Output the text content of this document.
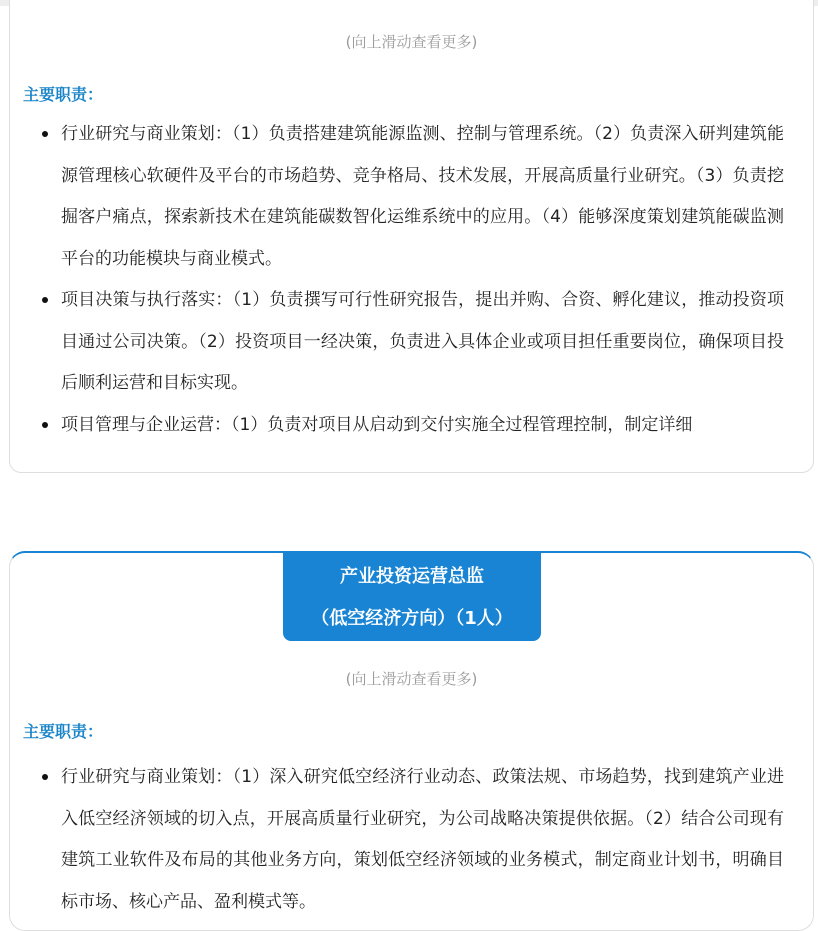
(向上滑动查看更多)
主要职责：
行业研究与商业策划：（1）负责搭建建筑能源监测、控制与管理系统。（2）负责深入研判建筑能源管理核心软硬件及平台的市场趋势、竞争格局、技术发展，开展高质量行业研究。（3）负责挖掘客户痛点，探索新技术在建筑能碳数智化运维系统中的应用。（4）能够深度策划建筑能碳监测平台的功能模块与商业模式。
项目决策与执行落实：（1）负责撰写可行性研究报告，提出并购、合资、孵化建议，推动投资项目通过公司决策。（2）投资项目一经决策，负责进入具体企业或项目担任重要岗位，确保项目投后顺利运营和目标实现。
项目管理与企业运营：（1）负责对项目从启动到交付实施全过程管理控制，制定详细
产业投资运营总监
（低空经济方向）（1人）
(向上滑动查看更多)
主要职责：
行业研究与商业策划：（1）深入研究低空经济行业动态、政策法规、市场趋势，找到建筑产业进入低空经济领域的切入点，开展高质量行业研究，为公司战略决策提供依据。（2）结合公司现有建筑工业软件及布局的其他业务方向，策划低空经济领域的业务模式，制定商业计划书，明确目标市场、核心产品、盈利模式等。
